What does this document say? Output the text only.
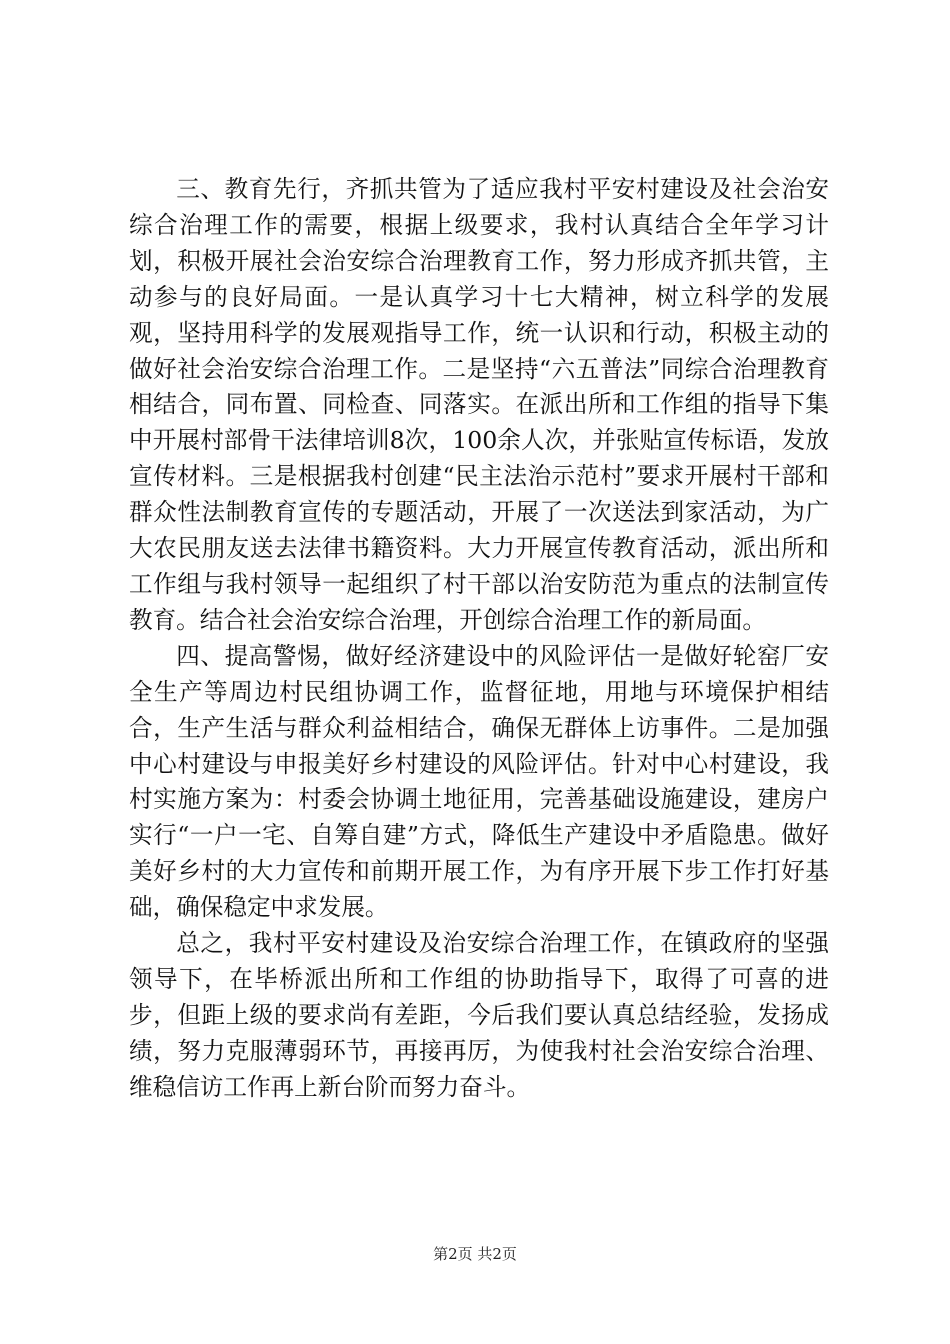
三、教育先行，齐抓共管为了适应我村平安村建设及社会治安综合治理工作的需要，根据上级要求，我村认真结合全年学习计划，积极开展社会治安综合治理教育工作，努力形成齐抓共管，主动参与的良好局面。一是认真学习十七大精神，树立科学的发展观，坚持用科学的发展观指导工作，统一认识和行动，积极主动的做好社会治安综合治理工作。二是坚持“六五普法”同综合治理教育相结合，同布置、同检查、同落实。在派出所和工作组的指导下集中开展村部骨干法律培训8次，100余人次，并张贴宣传标语，发放宣传材料。三是根据我村创建“民主法治示范村”要求开展村干部和群众性法制教育宣传的专题活动，开展了一次送法到家活动，为广大农民朋友送去法律书籍资料。大力开展宣传教育活动，派出所和工作组与我村领导一起组织了村干部以治安防范为重点的法制宣传教育。结合社会治安综合治理，开创综合治理工作的新局面。

四、提高警惕，做好经济建设中的风险评估一是做好轮窑厂安全生产等周边村民组协调工作，监督征地，用地与环境保护相结合，生产生活与群众利益相结合，确保无群体上访事件。二是加强中心村建设与申报美好乡村建设的风险评估。针对中心村建设，我村实施方案为：村委会协调土地征用，完善基础设施建设，建房户实行“一户一宅、自筹自建”方式，降低生产建设中矛盾隐患。做好美好乡村的大力宣传和前期开展工作，为有序开展下步工作打好基础，确保稳定中求发展。

总之，我村平安村建设及治安综合治理工作，在镇政府的坚强领导下，在毕桥派出所和工作组的协助指导下，取得了可喜的进步，但距上级的要求尚有差距，今后我们要认真总结经验，发扬成绩，努力克服薄弱环节，再接再厉，为使我村社会治安综合治理、维稳信访工作再上新台阶而努力奋斗。

第2页 共2页
